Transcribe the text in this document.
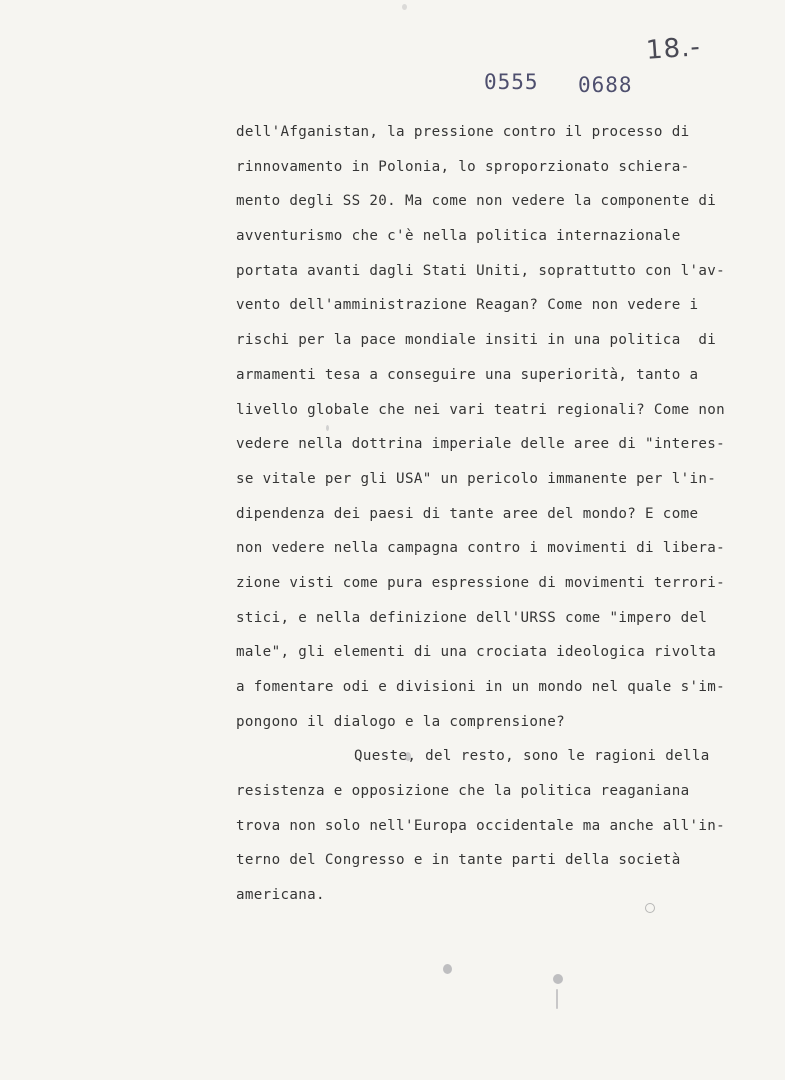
18.-
0555 0688
dell'Afganistan, la pressione contro il processo di
rinnovamento in Polonia, lo sproporzionato schiera-
mento degli SS 20. Ma come non vedere la componente di
avventurismo che c'è nella politica internazionale
portata avanti dagli Stati Uniti, soprattutto con l'av-
vento dell'amministrazione Reagan? Come non vedere i
rischi per la pace mondiale insiti in una politica  di
armamenti tesa a conseguire una superiorità, tanto a
livello globale che nei vari teatri regionali? Come non
vedere nella dottrina imperiale delle aree di "interes-
se vitale per gli USA" un pericolo immanente per l'in-
dipendenza dei paesi di tante aree del mondo? E come
non vedere nella campagna contro i movimenti di libera-
zione visti come pura espressione di movimenti terrori-
stici, e nella definizione dell'URSS come "impero del
male", gli elementi di una crociata ideologica rivolta
a fomentare odi e divisioni in un mondo nel quale s'im-
pongono il dialogo e la comprensione?
Queste, del resto, sono le ragioni della
resistenza e opposizione che la politica reaganiana
trova non solo nell'Europa occidentale ma anche all'in-
terno del Congresso e in tante parti della società
americana.
